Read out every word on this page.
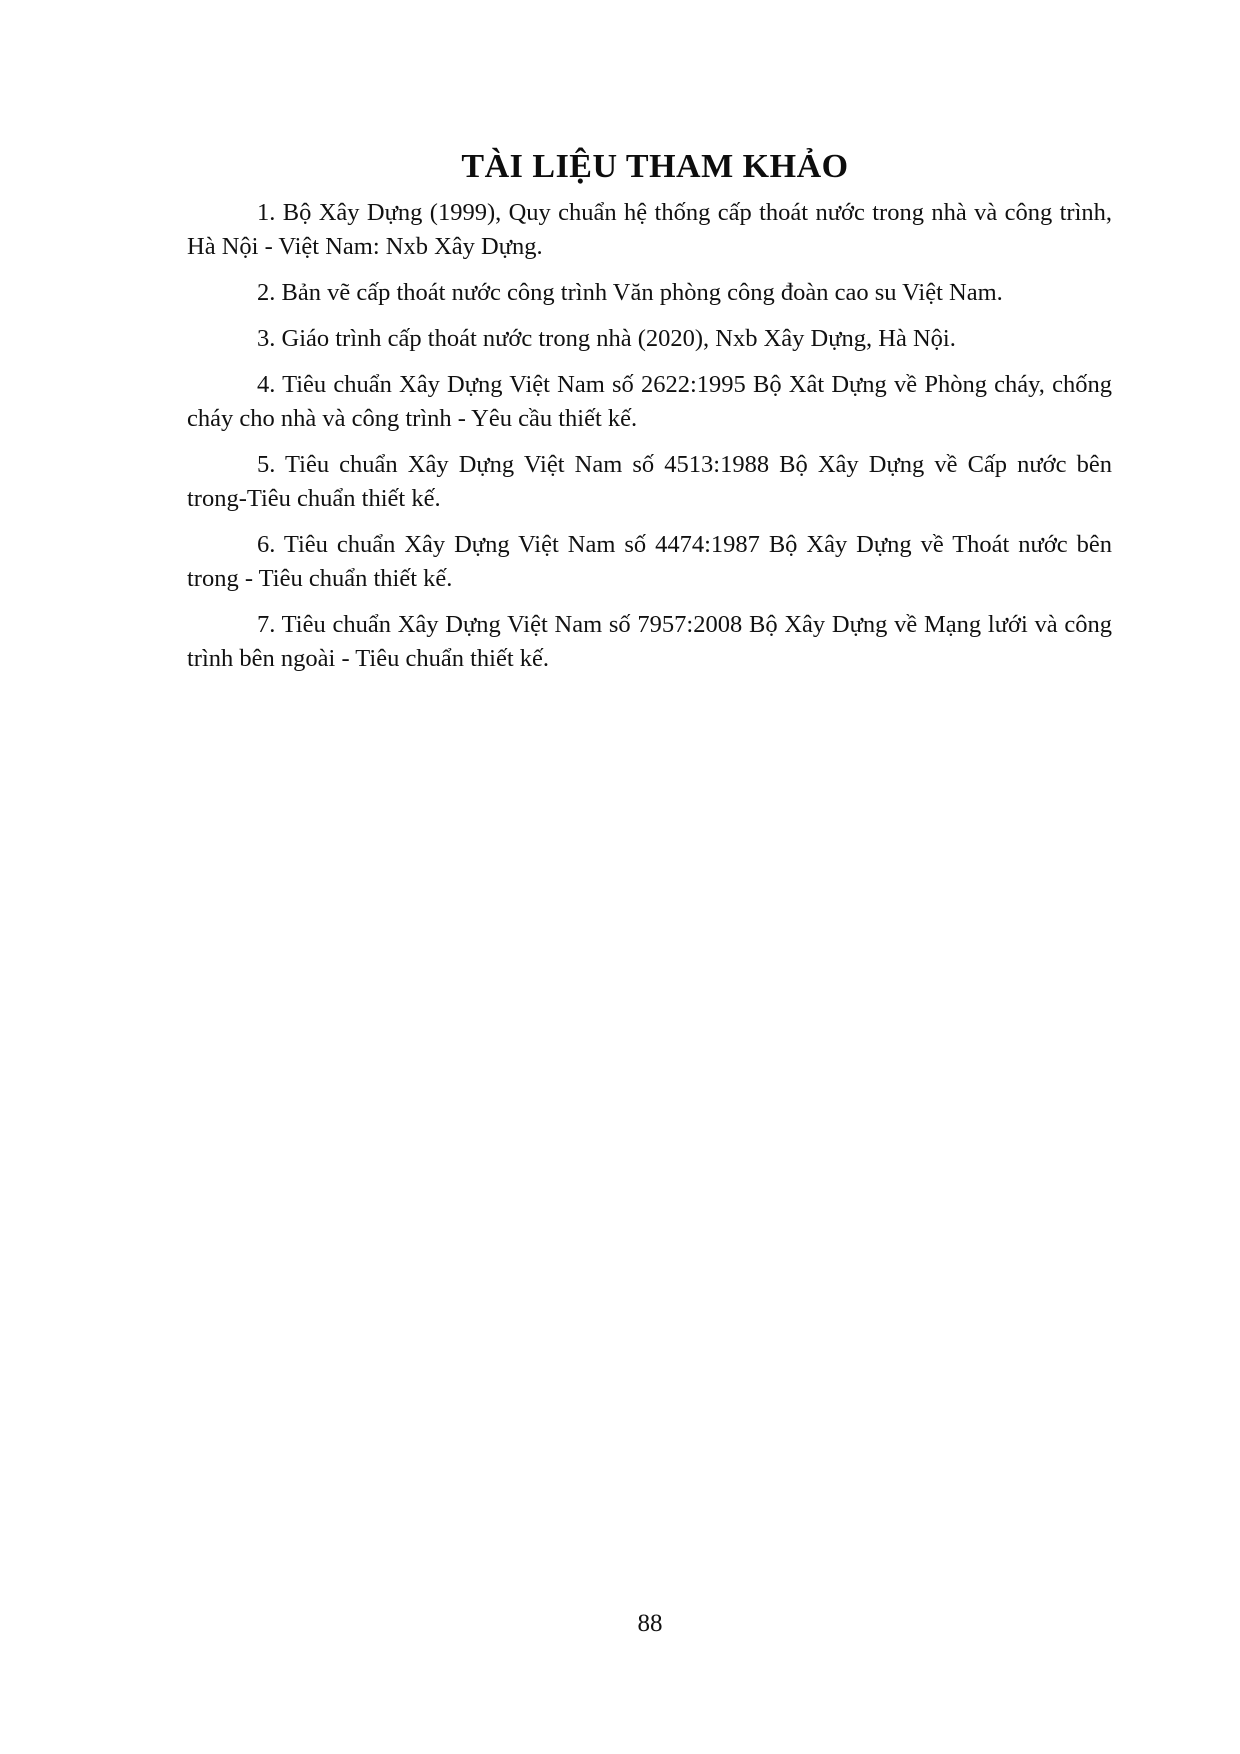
TÀI LIỆU THAM KHẢO
1. Bộ Xây Dựng (1999), Quy chuẩn hệ thống cấp thoát nước trong nhà và công trình, Hà Nội - Việt Nam: Nxb Xây Dựng.
2. Bản vẽ cấp thoát nước công trình Văn phòng công đoàn cao su Việt Nam.
3. Giáo trình cấp thoát nước trong nhà (2020), Nxb Xây Dựng, Hà Nội.
4. Tiêu chuẩn Xây Dựng Việt Nam số 2622:1995 Bộ Xât Dựng về Phòng cháy, chống cháy cho nhà và công trình - Yêu cầu thiết kế.
5. Tiêu chuẩn Xây Dựng Việt Nam số 4513:1988 Bộ Xây Dựng về Cấp nước bên trong-Tiêu chuẩn thiết kế.
6. Tiêu chuẩn Xây Dựng Việt Nam số 4474:1987 Bộ Xây Dựng về Thoát nước bên trong - Tiêu chuẩn thiết kế.
7. Tiêu chuẩn Xây Dựng Việt Nam số 7957:2008 Bộ Xây Dựng về Mạng lưới và công trình bên ngoài - Tiêu chuẩn thiết kế.
88
